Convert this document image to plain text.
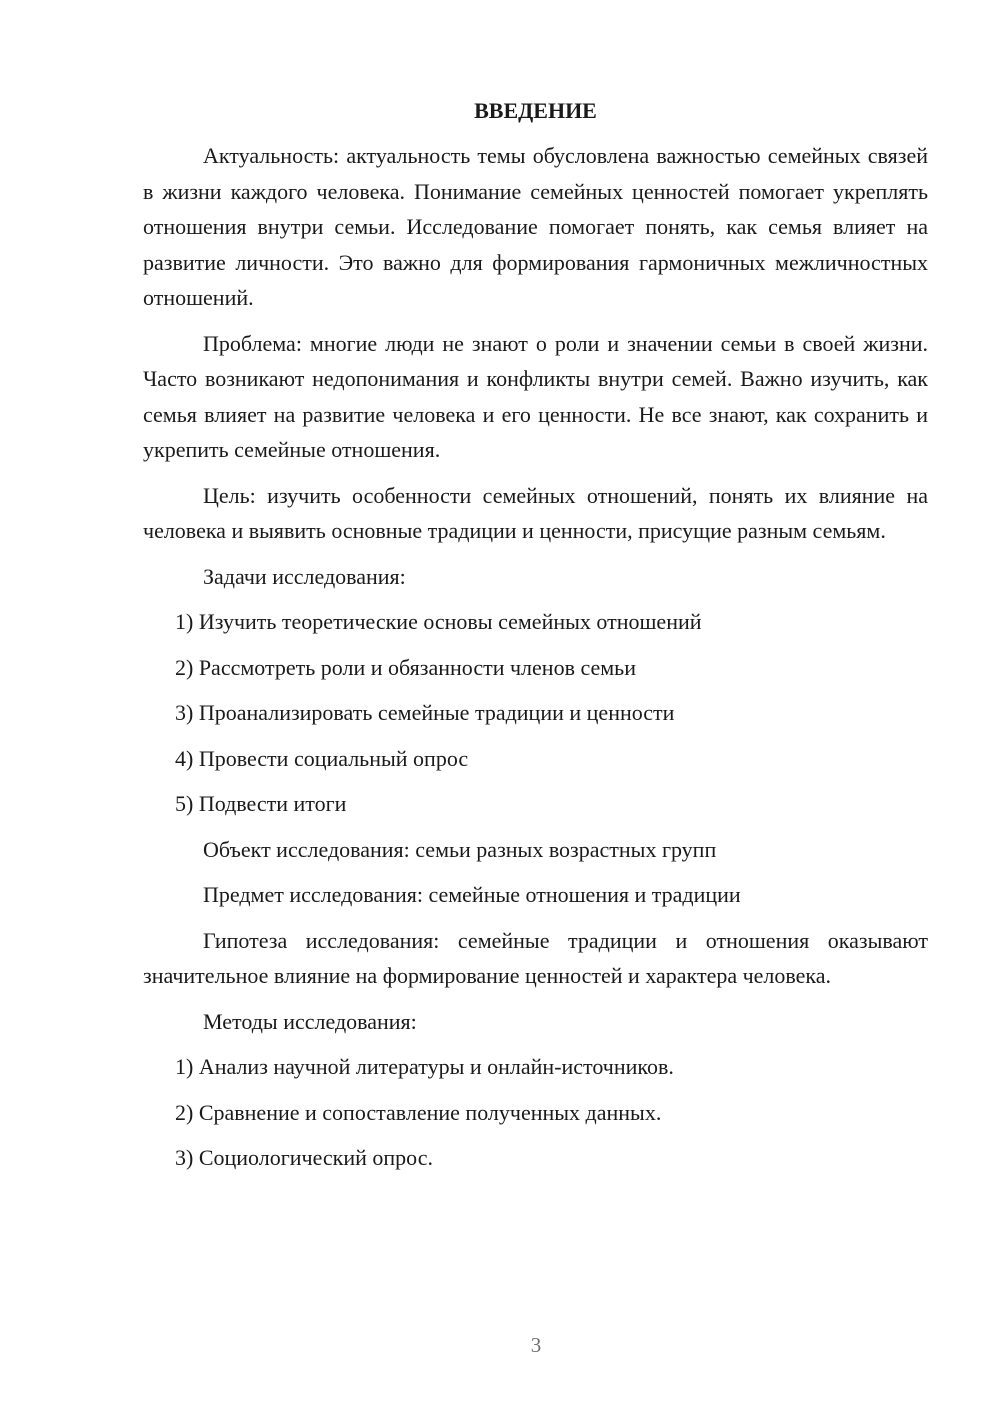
ВВЕДЕНИЕ

Актуальность: актуальность темы обусловлена важностью семейных связей в жизни каждого человека. Понимание семейных ценностей помогает укреплять отношения внутри семьи. Исследование помогает понять, как семья влияет на развитие личности. Это важно для формирования гармоничных межличностных отношений.

Проблема: многие люди не знают о роли и значении семьи в своей жизни. Часто возникают недопонимания и конфликты внутри семей. Важно изучить, как семья влияет на развитие человека и его ценности. Не все знают, как сохранить и укрепить семейные отношения.

Цель: изучить особенности семейных отношений, понять их влияние на человека и выявить основные традиции и ценности, присущие разным семьям.

Задачи исследования:

1) Изучить теоретические основы семейных отношений

2) Рассмотреть роли и обязанности членов семьи

3) Проанализировать семейные традиции и ценности

4) Провести социальный опрос

5) Подвести итоги

Объект исследования: семьи разных возрастных групп

Предмет исследования: семейные отношения и традиции

Гипотеза исследования: семейные традиции и отношения оказывают значительное влияние на формирование ценностей и характера человека.

Методы исследования:

1) Анализ научной литературы и онлайн-источников.

2) Сравнение и сопоставление полученных данных.

3) Социологический опрос.

3
